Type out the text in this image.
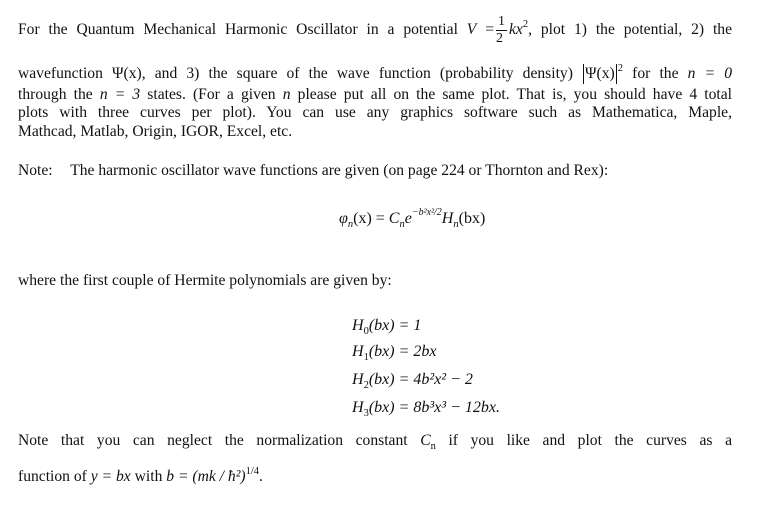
For the Quantum Mechanical Harmonic Oscillator in a potential $V = \frac{1}{2} kx^2$, plot 1) the potential, 2) the
wavefunction Ψ(x), and 3) the square of the wave function (probability density) Ψ(x) $^2$ for the n = 0
through the n = 3 states. (For a given n please put all on the same plot. That is, you should have 4 total
plots with three curves per plot). You can use any graphics software such as Mathematica, Maple,
Mathcad, Matlab, Origin, IGOR, Excel, etc.
Note: The harmonic oscillator wave functions are given (on page 224 or Thornton and Rex):
$\varphi_n(x) = C_ne^{-b^2x^2/2}H_n(bx)$
where the first couple of Hermite polynomials are given by:
$H_0(bx) = 1$
$H_1(bx) = 2bx$
$H_2(bx) = 4b^2x^2 - 2$
$H_3(bx) = 8b^3x^3 - 12bx$.
Note that you can neglect the normalization constant $C_n$ if you like and plot the curves as a
function of y = bx with b = (mk / ħ²)$^{1/4}$.
